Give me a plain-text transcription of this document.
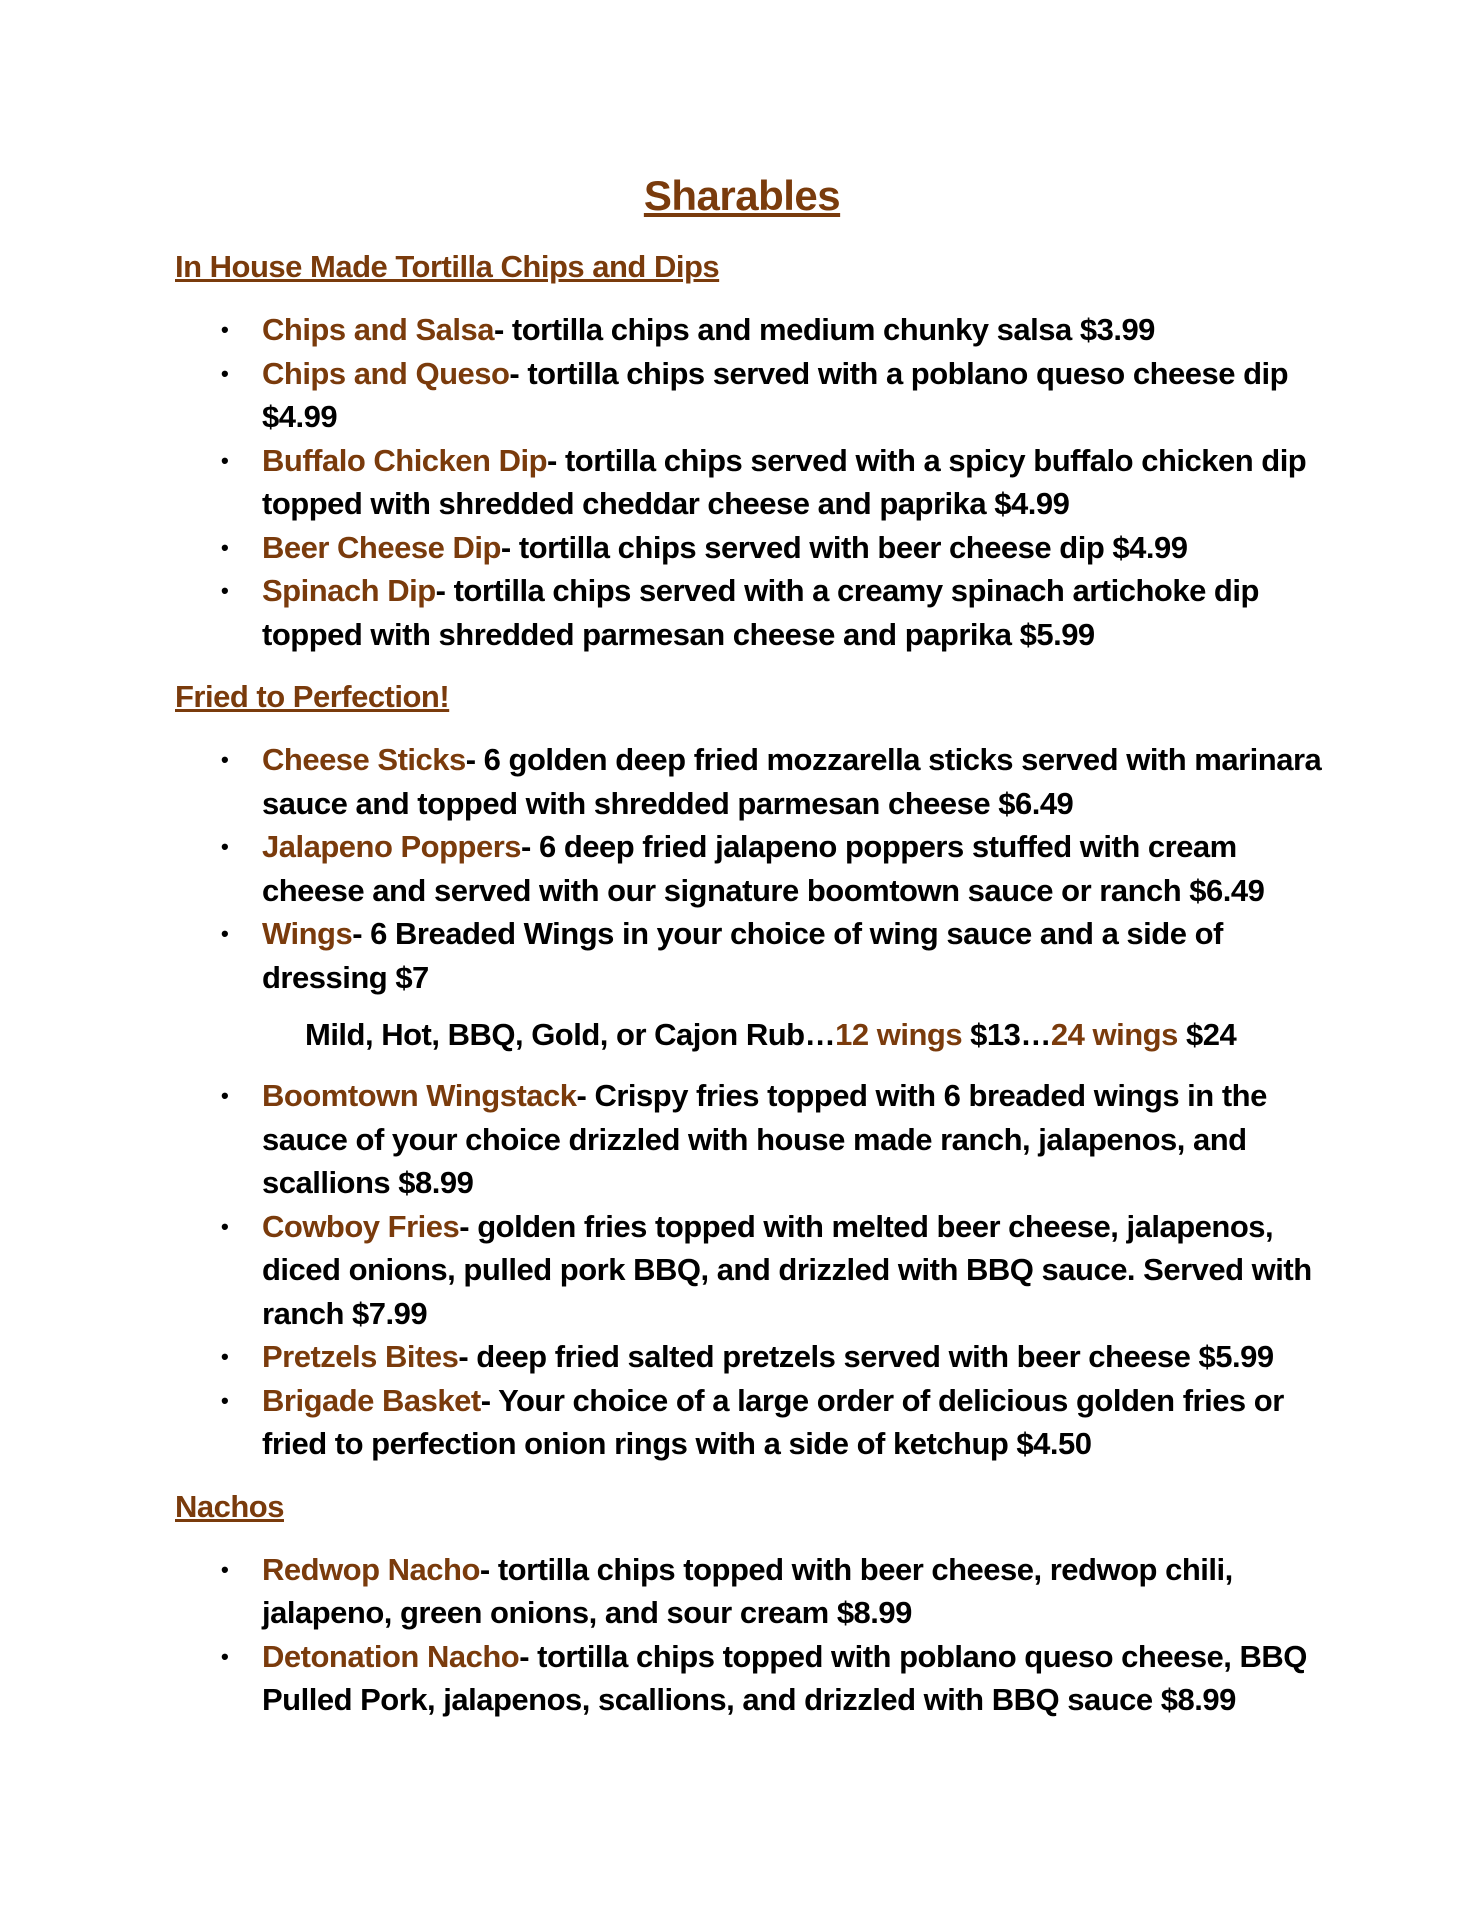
Sharables
In House Made Tortilla Chips and Dips
• Chips and Salsa- tortilla chips and medium chunky salsa $3.99
• Chips and Queso- tortilla chips served with a poblano queso cheese dip $4.99
• Buffalo Chicken Dip- tortilla chips served with a spicy buffalo chicken dip topped with shredded cheddar cheese and paprika $4.99
• Beer Cheese Dip- tortilla chips served with beer cheese dip $4.99
• Spinach Dip- tortilla chips served with a creamy spinach artichoke dip topped with shredded parmesan cheese and paprika $5.99
Fried to Perfection!
• Cheese Sticks- 6 golden deep fried mozzarella sticks served with marinara sauce and topped with shredded parmesan cheese $6.49
• Jalapeno Poppers- 6 deep fried jalapeno poppers stuffed with cream cheese and served with our signature boomtown sauce or ranch $6.49
• Wings- 6 Breaded Wings in your choice of wing sauce and a side of dressing $7
Mild, Hot, BBQ, Gold, or Cajon Rub…12 wings $13…24 wings $24
• Boomtown Wingstack- Crispy fries topped with 6 breaded wings in the sauce of your choice drizzled with house made ranch, jalapenos, and scallions $8.99
• Cowboy Fries- golden fries topped with melted beer cheese, jalapenos, diced onions, pulled pork BBQ, and drizzled with BBQ sauce. Served with ranch $7.99
• Pretzels Bites- deep fried salted pretzels served with beer cheese $5.99
• Brigade Basket- Your choice of a large order of delicious golden fries or fried to perfection onion rings with a side of ketchup $4.50
Nachos
• Redwop Nacho- tortilla chips topped with beer cheese, redwop chili, jalapeno, green onions, and sour cream $8.99
• Detonation Nacho- tortilla chips topped with poblano queso cheese, BBQ Pulled Pork, jalapenos, scallions, and drizzled with BBQ sauce $8.99
